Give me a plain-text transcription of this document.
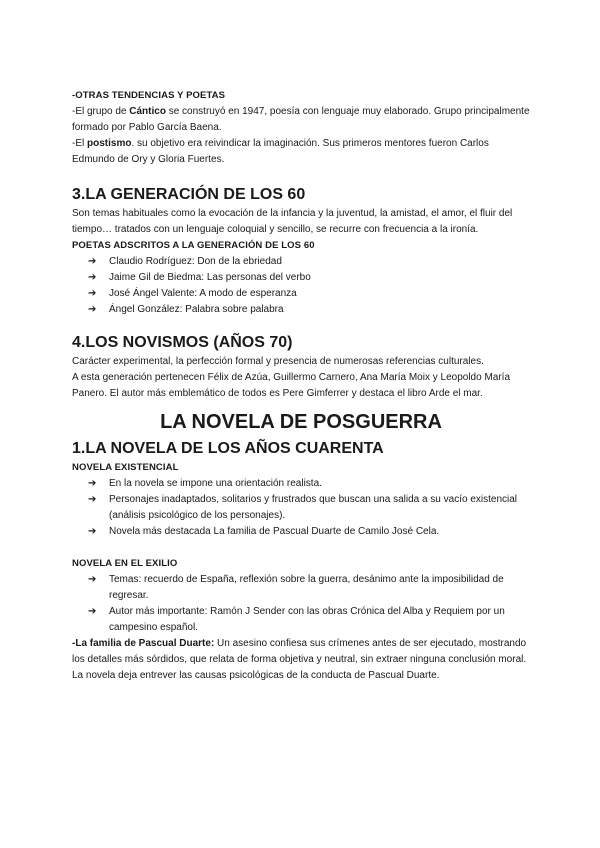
-OTRAS TENDENCIAS Y POETAS

-El grupo de Cántico se construyó en 1947, poesía con lenguaje muy elaborado. Grupo principalmente formado por Pablo García Baena.

-El postismo. su objetivo era reivindicar la imaginación. Sus primeros mentores fueron Carlos Edmundo de Ory y Gloria Fuertes.

3.LA GENERACIÓN DE LOS 60

Son temas habituales como la evocación de la infancia y la juventud, la amistad, el amor, el fluir del tiempo… tratados con un lenguaje coloquial y sencillo, se recurre con frecuencia a la ironía.

POETAS ADSCRITOS A LA GENERACIÓN DE LOS 60

➔ Claudio Rodríguez: Don de la ebriedad
➔ Jaime Gil de Biedma: Las personas del verbo
➔ José Ángel Valente: A modo de esperanza
➔ Ángel González: Palabra sobre palabra
4.LOS NOVISMOS (AÑOS 70)

Carácter experimental, la perfección formal y presencia de numerosas referencias culturales.

A esta generación pertenecen Félix de Azúa, Guillermo Carnero, Ana María Moix y Leopoldo María Panero. El autor más emblemático de todos es Pere Gimferrer y destaca el libro Arde el mar.

LA NOVELA DE POSGUERRA
1.LA NOVELA DE LOS AÑOS CUARENTA

NOVELA EXISTENCIAL

➔ En la novela se impone una orientación realista.
➔ Personajes inadaptados, solitarios y frustrados que buscan una salida a su vacío existencial (análisis psicológico de los personajes).
➔ Novela más destacada La familia de Pascual Duarte de Camilo José Cela.

NOVELA EN EL EXILIO

➔ Temas: recuerdo de España, reflexión sobre la guerra, desánimo ante la imposibilidad de regresar.
➔ Autor más importante: Ramón J Sender con las obras Crónica del Alba y Requiem por un campesino español.

-La familia de Pascual Duarte: Un asesino confiesa sus crímenes antes de ser ejecutado, mostrando los detalles más sórdidos, que relata de forma objetiva y neutral, sin extraer ninguna conclusión moral. La novela deja entrever las causas psicológicas de la conducta de Pascual Duarte.
